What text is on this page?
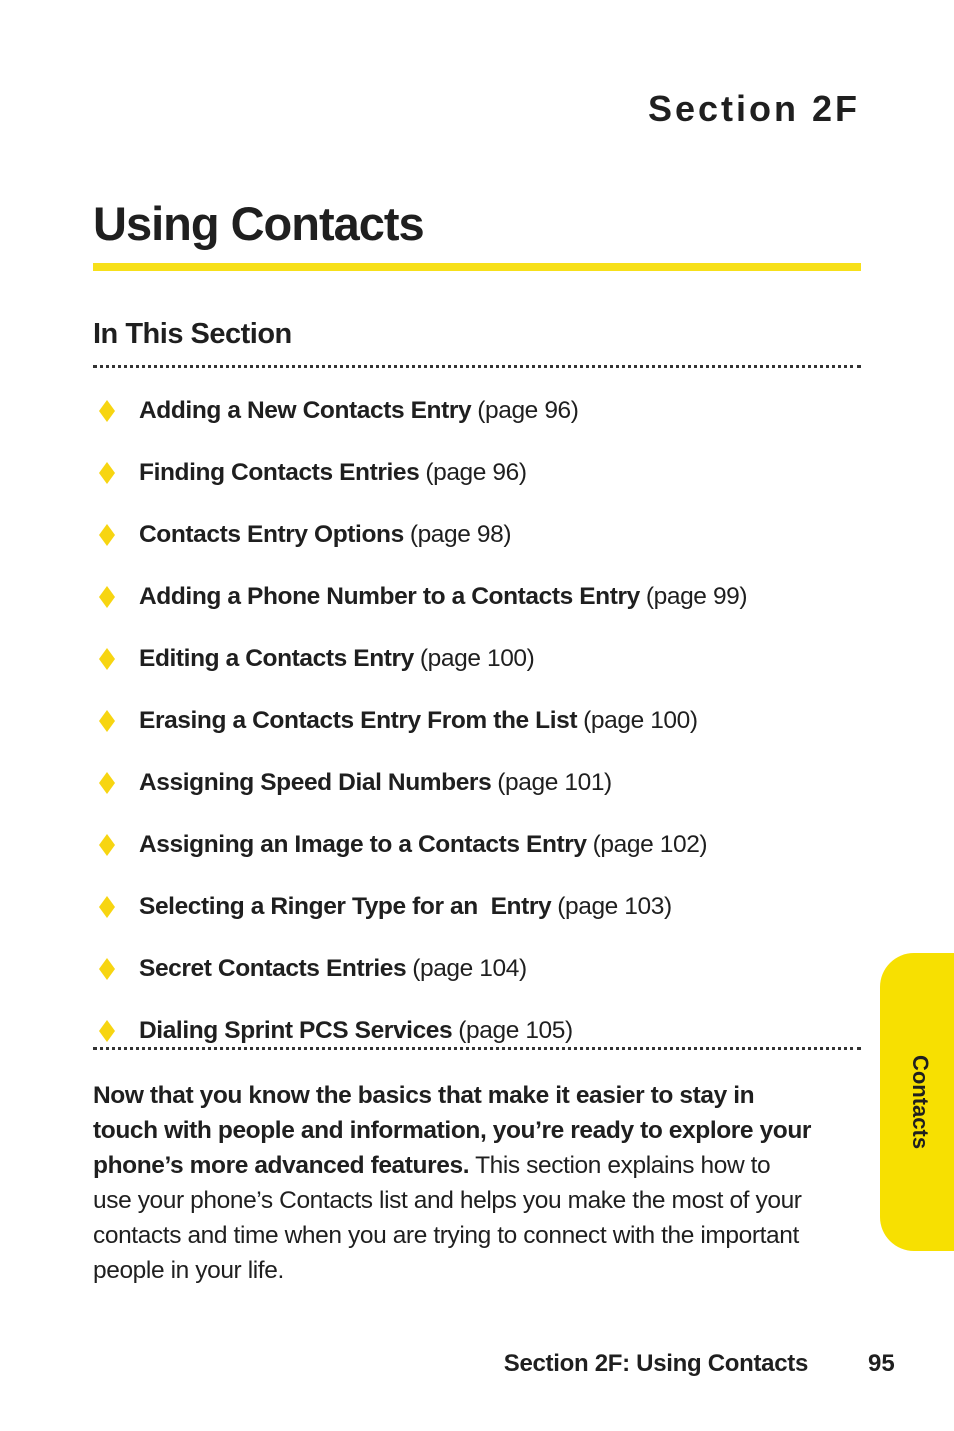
Section 2F
Using Contacts
In This Section
Adding a New Contacts Entry (page 96)
Finding Contacts Entries (page 96)
Contacts Entry Options (page 98)
Adding a Phone Number to a Contacts Entry (page 99)
Editing a Contacts Entry (page 100)
Erasing a Contacts Entry From the List (page 100)
Assigning Speed Dial Numbers (page 101)
Assigning an Image to a Contacts Entry (page 102)
Selecting a Ringer Type for an  Entry (page 103)
Secret Contacts Entries (page 104)
Dialing Sprint PCS Services (page 105)

Now that you know the basics that make it easier to stay in touch with people and information, you’re ready to explore your phone’s more advanced features. This section explains how to use your phone’s Contacts list and helps you make the most of your contacts and time when you are trying to connect with the important people in your life.

Contacts
Section 2F: Using Contacts	95
